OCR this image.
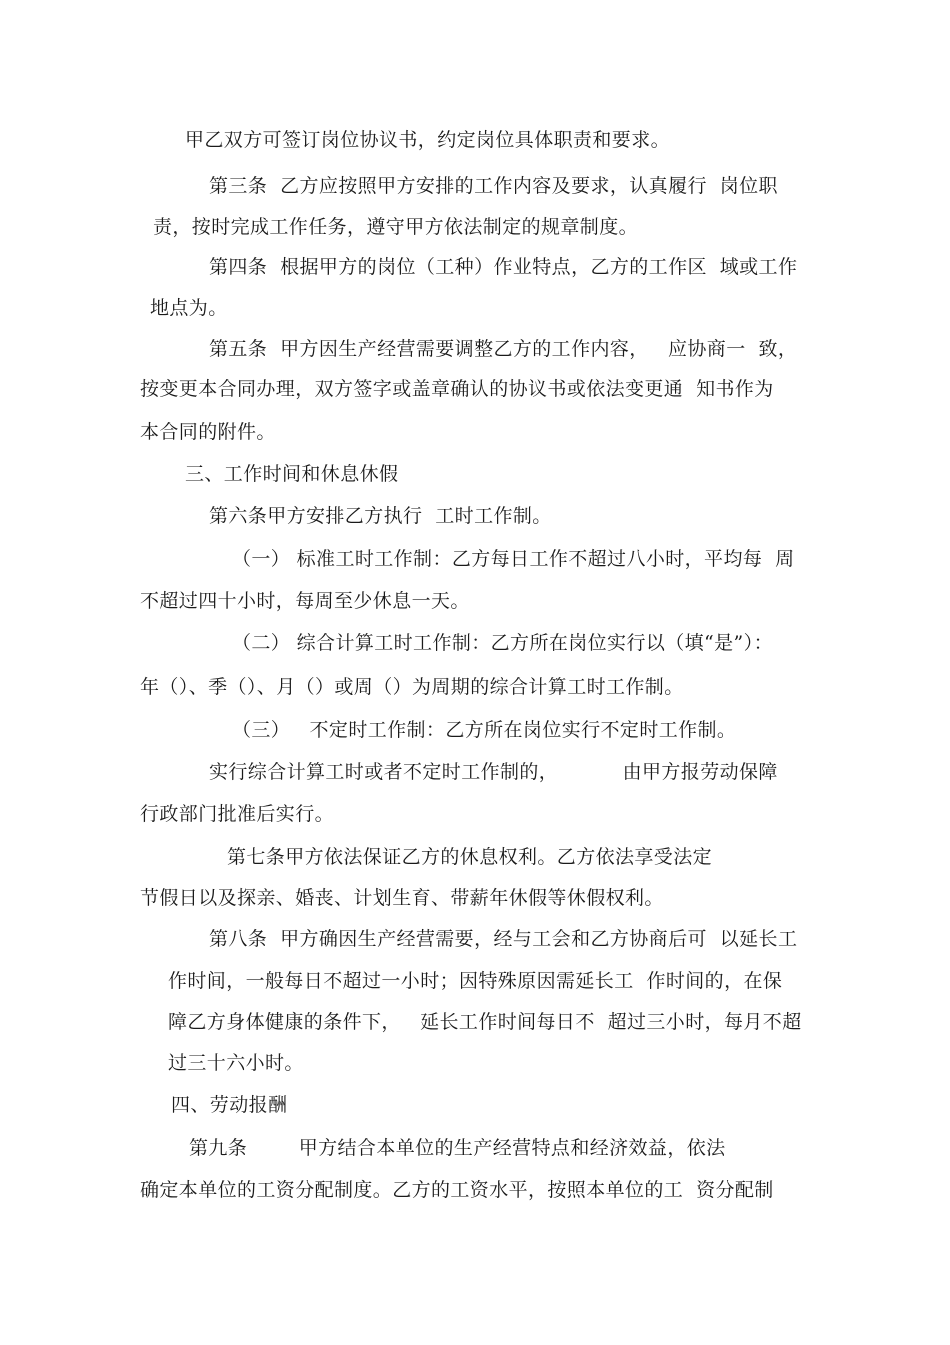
甲乙双方可签订岗位协议书，约定岗位具体职责和要求。
第三条  乙方应按照甲方安排的工作内容及要求，认真履行  岗位职
责，按时完成工作任务，遵守甲方依法制定的规章制度。
第四条  根据甲方的岗位（工种）作业特点，乙方的工作区  域或工作
地点为。
第五条  甲方因生产经营需要调整乙方的工作内容，   应协商一  致，
按变更本合同办理，双方签字或盖章确认的协议书或依法变更通  知书作为
本合同的附件。
三、工作时间和休息休假
第六条甲方安排乙方执行  工时工作制。
（一） 标准工时工作制：乙方每日工作不超过八小时，平均每  周
不超过四十小时，每周至少休息一天。
（二） 综合计算工时工作制：乙方所在岗位实行以（填“是”）：
年（）、季（）、月（）或周（）为周期的综合计算工时工作制。
（三）   不定时工作制：乙方所在岗位实行不定时工作制。
实行综合计算工时或者不定时工作制的，          由甲方报劳动保障
行政部门批准后实行。
第七条甲方依法保证乙方的休息权利。乙方依法享受法定
节假日以及探亲、婚丧、计划生育、带薪年休假等休假权利。
第八条  甲方确因生产经营需要，经与工会和乙方协商后可  以延长工
作时间，一般每日不超过一小时；因特殊原因需延长工  作时间的，在保
障乙方身体健康的条件下，   延长工作时间每日不  超过三小时，每月不超
过三十六小时。
四、劳动报酬
第九条        甲方结合本单位的生产经营特点和经济效益，依法
确定本单位的工资分配制度。乙方的工资水平，按照本单位的工  资分配制
